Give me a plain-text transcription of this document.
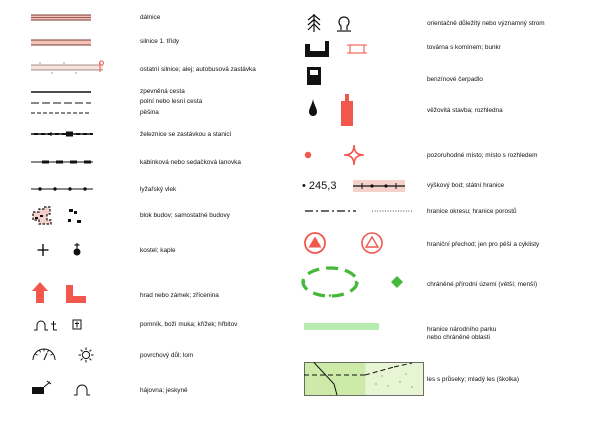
dálnice
silnice 1. třídy
ostatní silnice; alej; autobusová zastávka
zpevněná cesta
polní nebo lesní cesta
pěšina
železnice se zastávkou a stanicí
kabinková nebo sedačková lanovka
lyžařský vlek
blok budov; samostatné budovy
kostel; kaple
hrad nebo zámek; zřícenina
pomník, boží muka; křížek; hřbitov
povrchový důl; lom
hájovna; jeskyně
orientačně důležitý nebo významný strom
továrna s komínem; bunkr
benzínové čerpadlo
věžovitá stavba; rozhledna
pozoruhodné místo; místo s rozhledem
• 245,3	výškový bod; státní hranice
hranice okresu; hranice porostů
hraniční přechod; jen pro pěší a cyklisty
chráněné přírodní území (větší; menší)
hranice národního parku
nebo chráněné oblasti
les s průseky; mladý les (školka)
